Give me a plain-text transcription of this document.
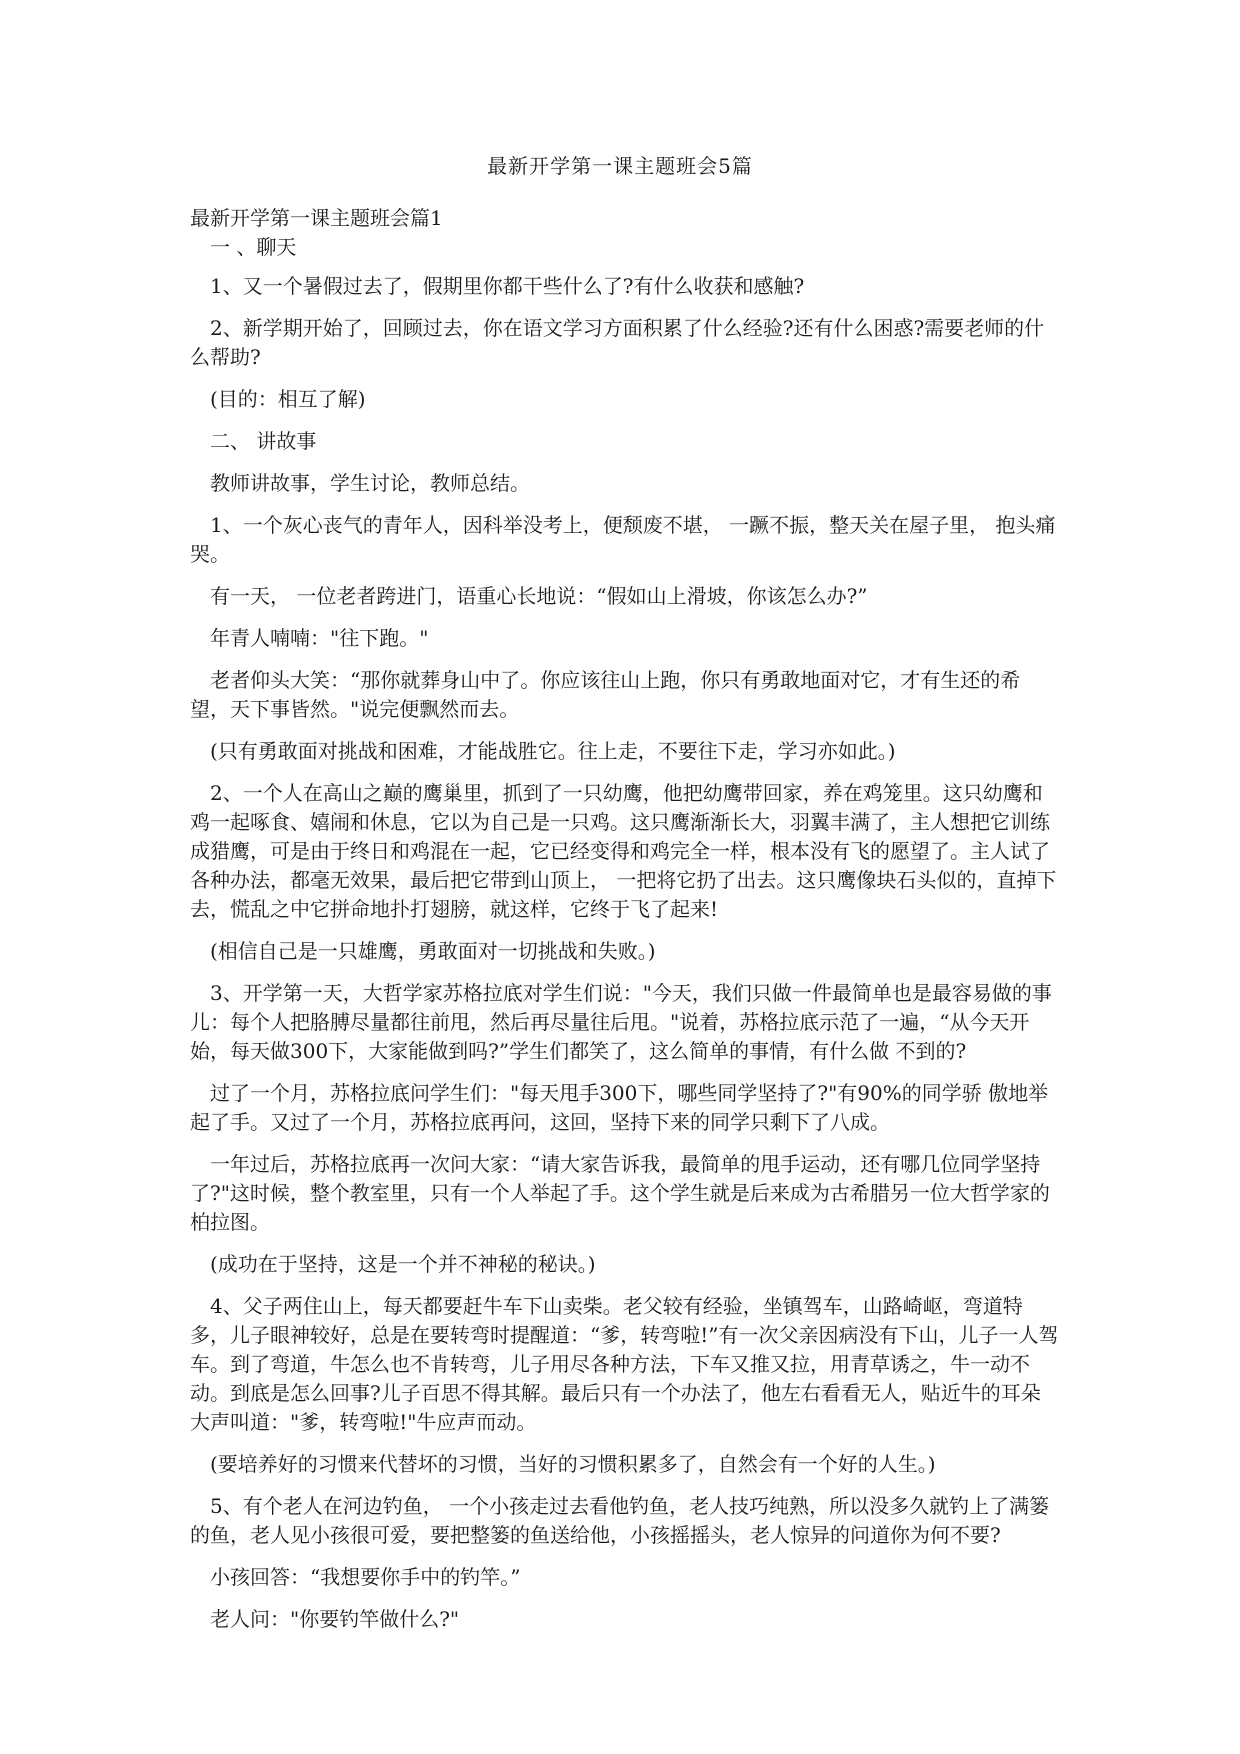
最新开学第一课主题班会5篇

最新开学第一课主题班会篇1

一 、聊天

1、又一个暑假过去了，假期里你都干些什么了?有什么收获和感触?

2、新学期开始了，回顾过去，你在语文学习方面积累了什么经验?还有什么困惑?需要老师的什么帮助?

(目的：相互了解)

二、 讲故事

教师讲故事，学生讨论，教师总结。

1、一个灰心丧气的青年人，因科举没考上，便颓废不堪， 一蹶不振，整天关在屋子里， 抱头痛哭。

有一天， 一位老者跨进门，语重心长地说：“假如山上滑坡，你该怎么办?”

年青人喃喃："往下跑。"

老者仰头大笑：“那你就葬身山中了。你应该往山上跑，你只有勇敢地面对它，才有生还的希望，天下事皆然。"说完便飘然而去。

(只有勇敢面对挑战和困难，才能战胜它。往上走，不要往下走，学习亦如此。)

2、一个人在高山之巅的鹰巢里，抓到了一只幼鹰，他把幼鹰带回家，养在鸡笼里。这只幼鹰和鸡一起啄食、嬉闹和休息，它以为自己是一只鸡。这只鹰渐渐长大，羽翼丰满了，主人想把它训练成猎鹰，可是由于终日和鸡混在一起，它已经变得和鸡完全一样，根本没有飞的愿望了。主人试了各种办法，都毫无效果，最后把它带到山顶上， 一把将它扔了出去。这只鹰像块石头似的，直掉下去，慌乱之中它拼命地扑打翅膀，就这样，它终于飞了起来!

(相信自己是一只雄鹰，勇敢面对一切挑战和失败。)

3、开学第一天，大哲学家苏格拉底对学生们说："今天，我们只做一件最简单也是最容易做的事儿：每个人把胳膊尽量都往前甩，然后再尽量往后甩。"说着，苏格拉底示范了一遍，“从今天开始，每天做300下，大家能做到吗?”学生们都笑了，这么简单的事情，有什么做 不到的?

过了一个月，苏格拉底问学生们："每天甩手300下，哪些同学坚持了?"有90%的同学骄 傲地举起了手。又过了一个月，苏格拉底再问，这回，坚持下来的同学只剩下了八成。

一年过后，苏格拉底再一次问大家：“请大家告诉我，最简单的甩手运动，还有哪几位同学坚持了?"这时候，整个教室里，只有一个人举起了手。这个学生就是后来成为古希腊另一位大哲学家的柏拉图。

(成功在于坚持，这是一个并不神秘的秘诀。)

4、父子两住山上，每天都要赶牛车下山卖柴。老父较有经验，坐镇驾车，山路崎岖，弯道特多，儿子眼神较好，总是在要转弯时提醒道：“爹，转弯啦!”有一次父亲因病没有下山，儿子一人驾车。到了弯道，牛怎么也不肯转弯，儿子用尽各种方法，下车又推又拉，用青草诱之，牛一动不动。到底是怎么回事?儿子百思不得其解。最后只有一个办法了，他左右看看无人，贴近牛的耳朵大声叫道："爹，转弯啦!"牛应声而动。

(要培养好的习惯来代替坏的习惯，当好的习惯积累多了，自然会有一个好的人生。)

5、有个老人在河边钓鱼， 一个小孩走过去看他钓鱼，老人技巧纯熟，所以没多久就钓上了满篓的鱼，老人见小孩很可爱，要把整篓的鱼送给他，小孩摇摇头，老人惊异的问道你为何不要?

小孩回答：“我想要你手中的钓竿。”

老人问："你要钓竿做什么?"
